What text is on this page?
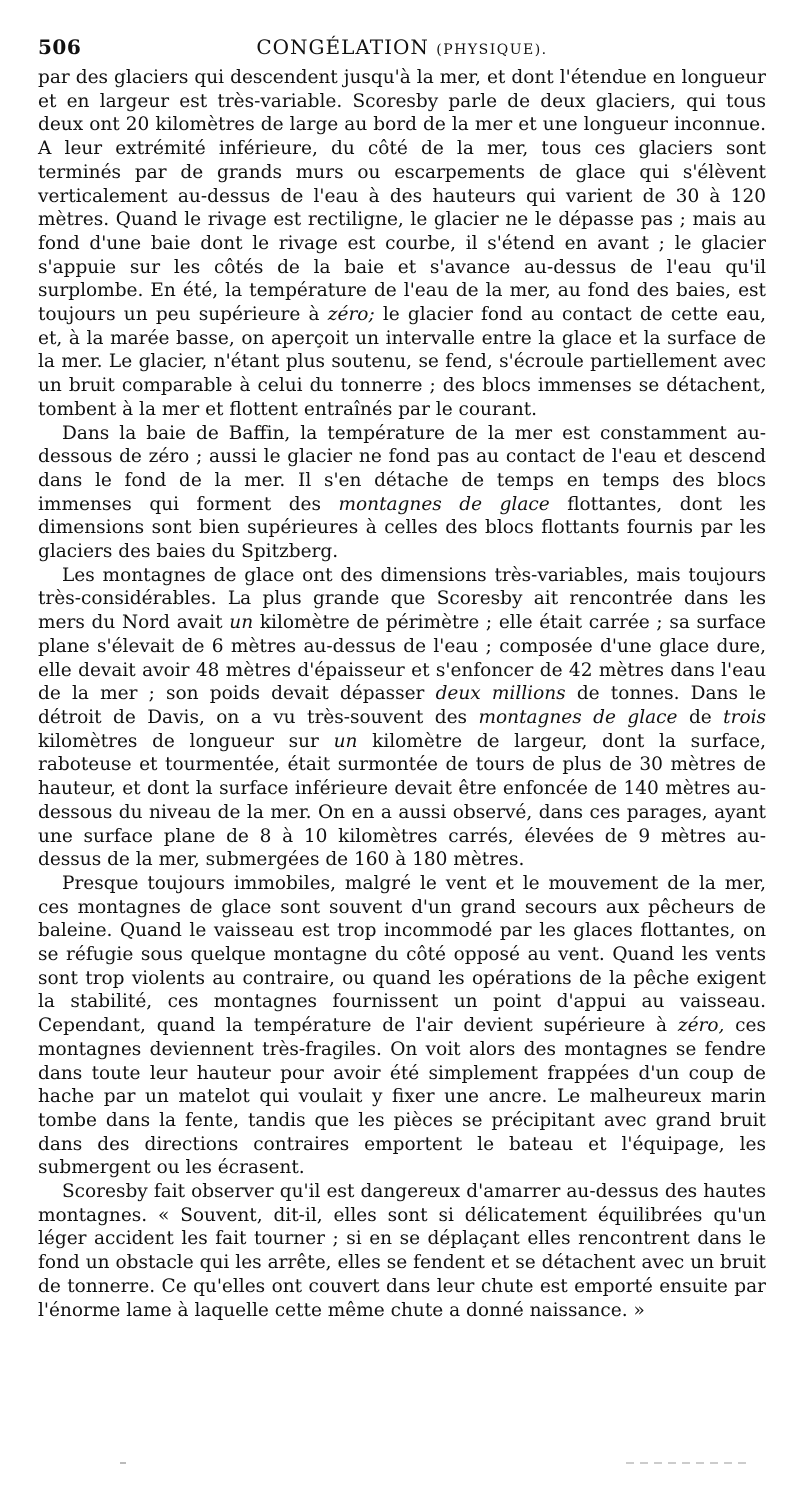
506	CONGÉLATION (PHYSIQUE).

par des glaciers qui descendent jusqu'à la mer, et dont l'étendue en longueur et en largeur est très-variable. Scoresby parle de deux glaciers, qui tous deux ont 20 kilomètres de large au bord de la mer et une longueur inconnue. A leur extrémité inférieure, du côté de la mer, tous ces glaciers sont terminés par de grands murs ou escarpements de glace qui s'élèvent verticalement au-dessus de l'eau à des hauteurs qui varient de 30 à 120 mètres. Quand le rivage est rectiligne, le glacier ne le dépasse pas ; mais au fond d'une baie dont le rivage est courbe, il s'étend en avant ; le glacier s'appuie sur les côtés de la baie et s'avance au-dessus de l'eau qu'il surplombe. En été, la température de l'eau de la mer, au fond des baies, est toujours un peu supérieure à zéro; le glacier fond au contact de cette eau, et, à la marée basse, on aperçoit un intervalle entre la glace et la surface de la mer. Le glacier, n'étant plus soutenu, se fend, s'écroule partiellement avec un bruit comparable à celui du tonnerre ; des blocs immenses se détachent, tombent à la mer et flottent entraînés par le courant.

Dans la baie de Baffin, la température de la mer est constamment au-dessous de zéro ; aussi le glacier ne fond pas au contact de l'eau et descend dans le fond de la mer. Il s'en détache de temps en temps des blocs immenses qui forment des montagnes de glace flottantes, dont les dimensions sont bien supérieures à celles des blocs flottants fournis par les glaciers des baies du Spitzberg.

Les montagnes de glace ont des dimensions très-variables, mais toujours très-considérables. La plus grande que Scoresby ait rencontrée dans les mers du Nord avait un kilomètre de périmètre ; elle était carrée ; sa surface plane s'élevait de 6 mètres au-dessus de l'eau ; composée d'une glace dure, elle devait avoir 48 mètres d'épaisseur et s'enfoncer de 42 mètres dans l'eau de la mer ; son poids devait dépasser deux millions de tonnes. Dans le détroit de Davis, on a vu très-souvent des montagnes de glace de trois kilomètres de longueur sur un kilomètre de largeur, dont la surface, raboteuse et tourmentée, était surmontée de tours de plus de 30 mètres de hauteur, et dont la surface inférieure devait être enfoncée de 140 mètres au-dessous du niveau de la mer. On en a aussi observé, dans ces parages, ayant une surface plane de 8 à 10 kilomètres carrés, élevées de 9 mètres au-dessus de la mer, submergées de 160 à 180 mètres.

Presque toujours immobiles, malgré le vent et le mouvement de la mer, ces montagnes de glace sont souvent d'un grand secours aux pêcheurs de baleine. Quand le vaisseau est trop incommodé par les glaces flottantes, on se réfugie sous quelque montagne du côté opposé au vent. Quand les vents sont trop violents au contraire, ou quand les opérations de la pêche exigent la stabilité, ces montagnes fournissent un point d'appui au vaisseau. Cependant, quand la température de l'air devient supérieure à zéro, ces montagnes deviennent très-fragiles. On voit alors des montagnes se fendre dans toute leur hauteur pour avoir été simplement frappées d'un coup de hache par un matelot qui voulait y fixer une ancre. Le malheureux marin tombe dans la fente, tandis que les pièces se précipitant avec grand bruit dans des directions contraires emportent le bateau et l'équipage, les submergent ou les écrasent.

Scoresby fait observer qu'il est dangereux d'amarrer au-dessus des hautes montagnes. « Souvent, dit-il, elles sont si délicatement équilibrées qu'un léger accident les fait tourner ; si en se déplaçant elles rencontrent dans le fond un obstacle qui les arrête, elles se fendent et se détachent avec un bruit de tonnerre. Ce qu'elles ont couvert dans leur chute est emporté ensuite par l'énorme lame à laquelle cette même chute a donné naissance. »
